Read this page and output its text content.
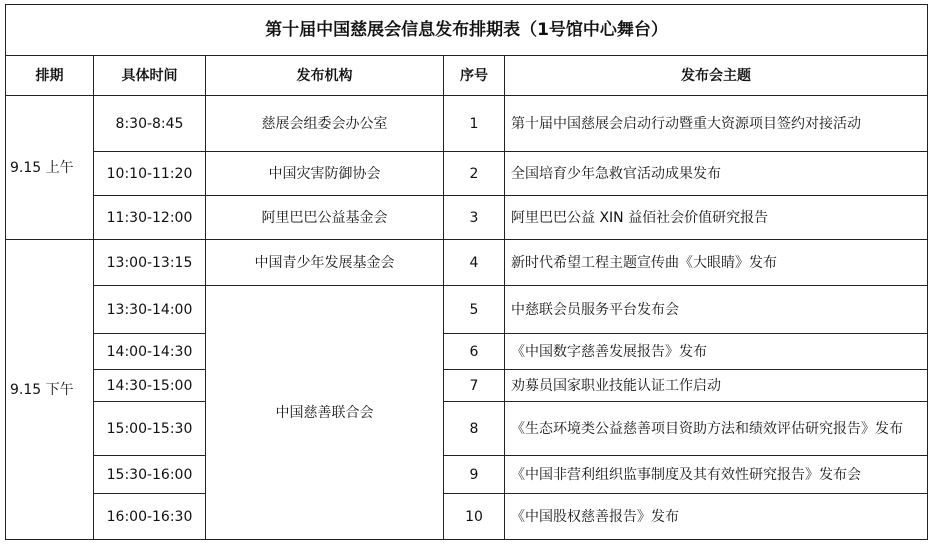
第十届中国慈展会信息发布排期表（1号馆中心舞台）				
排期	具体时间	发布机构	序号	发布会主题
9.15 上午	8:30-8:45	慈展会组委会办公室	1	第十届中国慈展会启动行动暨重大资源项目签约对接活动
	10:10-11:20	中国灾害防御协会	2	全国培育少年急救官活动成果发布
	11:30-12:00	阿里巴巴公益基金会	3	阿里巴巴公益 XIN 益佰社会价值研究报告
9.15 下午	13:00-13:15	中国青少年发展基金会	4	新时代希望工程主题宣传曲《大眼睛》发布
	13:30-14:00	中国慈善联合会	5	中慈联会员服务平台发布会
	14:00-14:30		6	《中国数字慈善发展报告》发布
	14:30-15:00		7	劝募员国家职业技能认证工作启动
	15:00-15:30		8	《生态环境类公益慈善项目资助方法和绩效评估研究报告》发布
	15:30-16:00		9	《中国非营利组织监事制度及其有效性研究报告》发布会
	16:00-16:30		10	《中国股权慈善报告》发布
